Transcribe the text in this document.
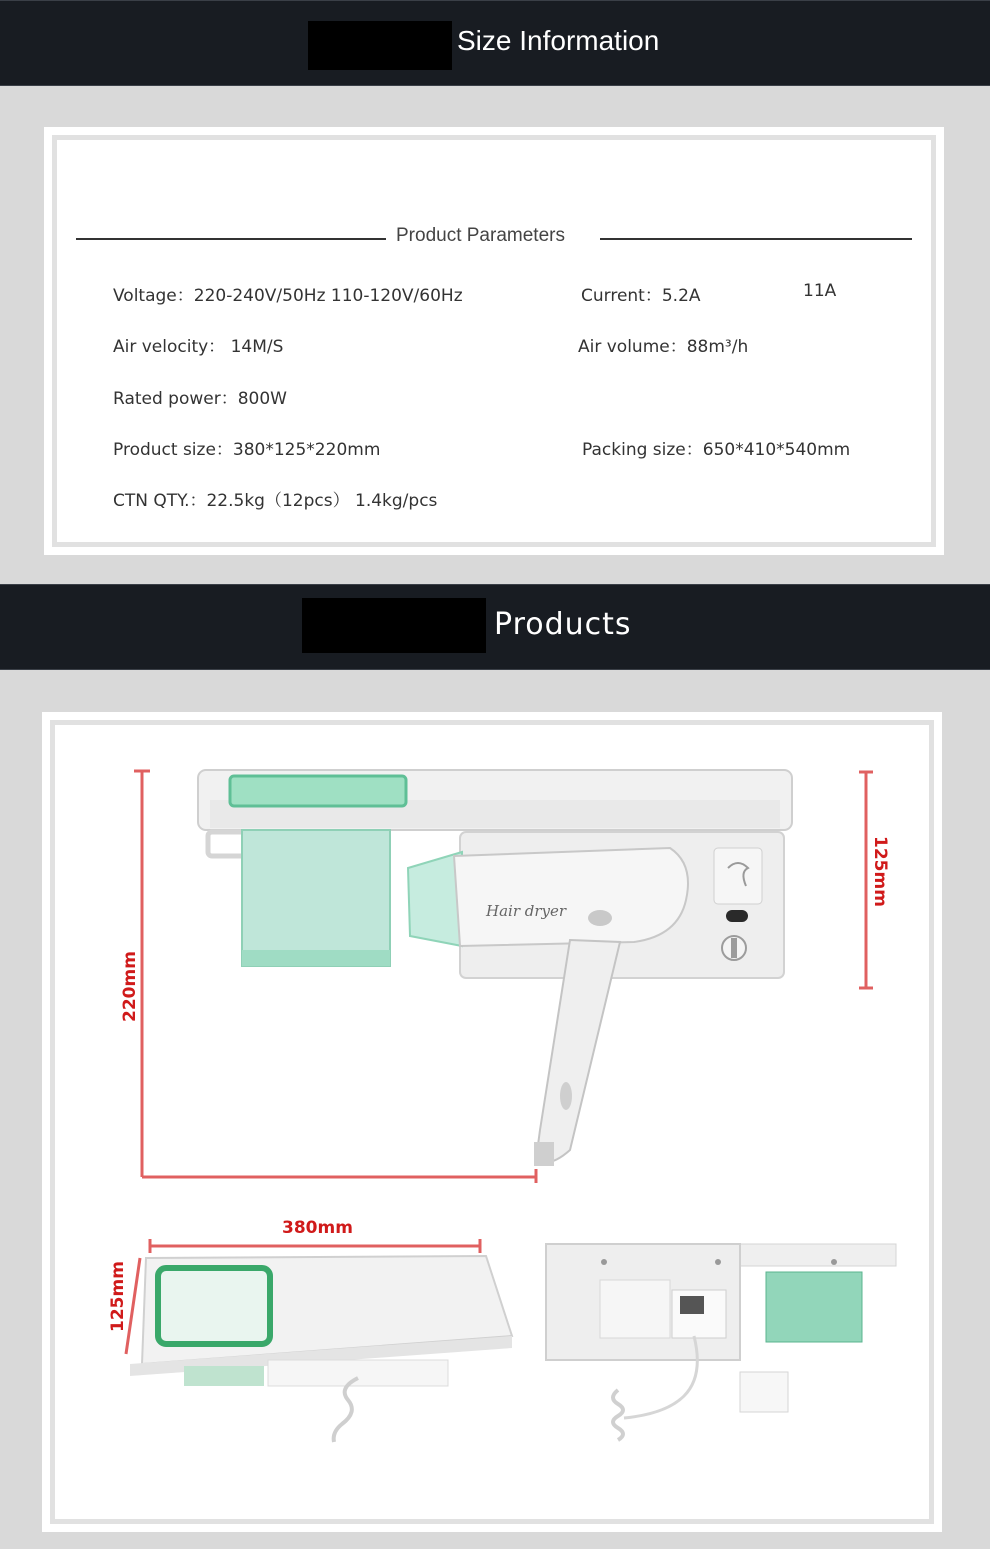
Size Information
Product Parameters
Voltage：220-240V/50Hz 110-120V/60Hz	Current：5.2A	11A
Air velocity： 14M/S	Air volume：88m³/h
Rated power：800W
Product size：380*125*220mm	Packing size：650*410*540mm
CTN QTY.：22.5kg（12pcs） 1.4kg/pcs
Products
Hair dryer
220mm
125mm
380mm
125mm
